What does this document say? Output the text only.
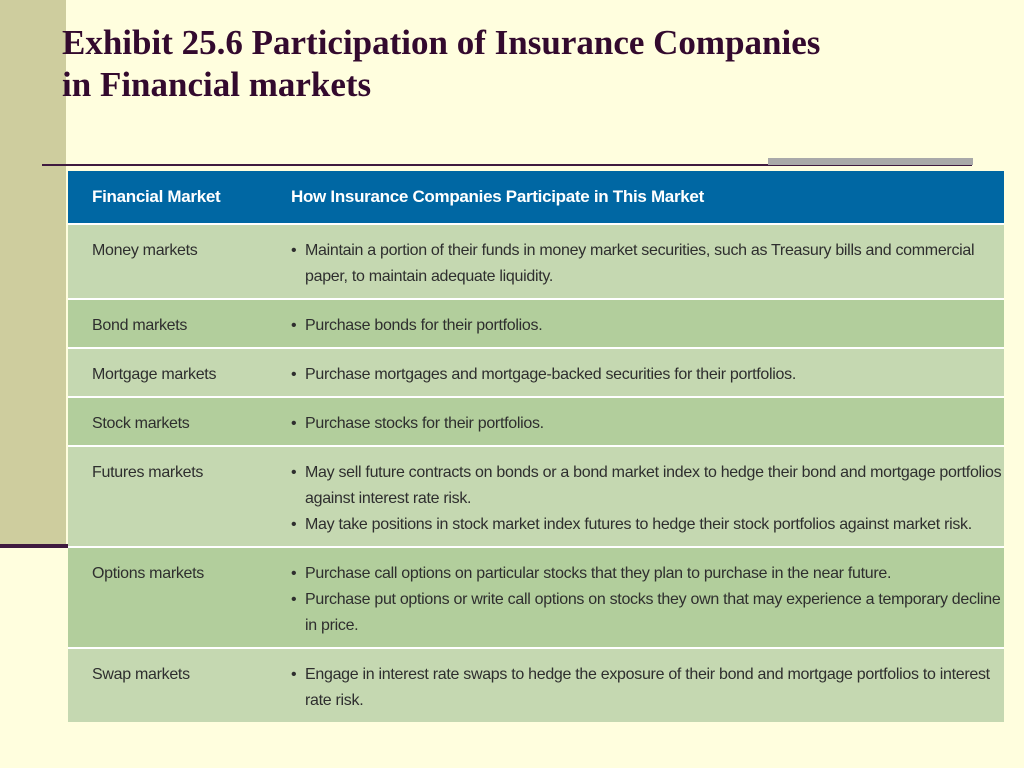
Exhibit 25.6 Participation of Insurance Companies
in Financial markets
Financial Market	How Insurance Companies Participate in This Market
Money markets	• Maintain a portion of their funds in money market securities, such as Treasury bills and commercial paper, to maintain adequate liquidity.

Bond markets	• Purchase bonds for their portfolios.

Mortgage markets	• Purchase mortgages and mortgage-backed securities for their portfolios.

Stock markets	• Purchase stocks for their portfolios.

Futures markets	• May sell future contracts on bonds or a bond market index to hedge their bond and mortgage portfolios against interest rate risk.
• May take positions in stock market index futures to hedge their stock portfolios against market risk.

Options markets	• Purchase call options on particular stocks that they plan to purchase in the near future.
• Purchase put options or write call options on stocks they own that may experience a temporary decline in price.

Swap markets	• Engage in interest rate swaps to hedge the exposure of their bond and mortgage portfolios to interest rate risk.
